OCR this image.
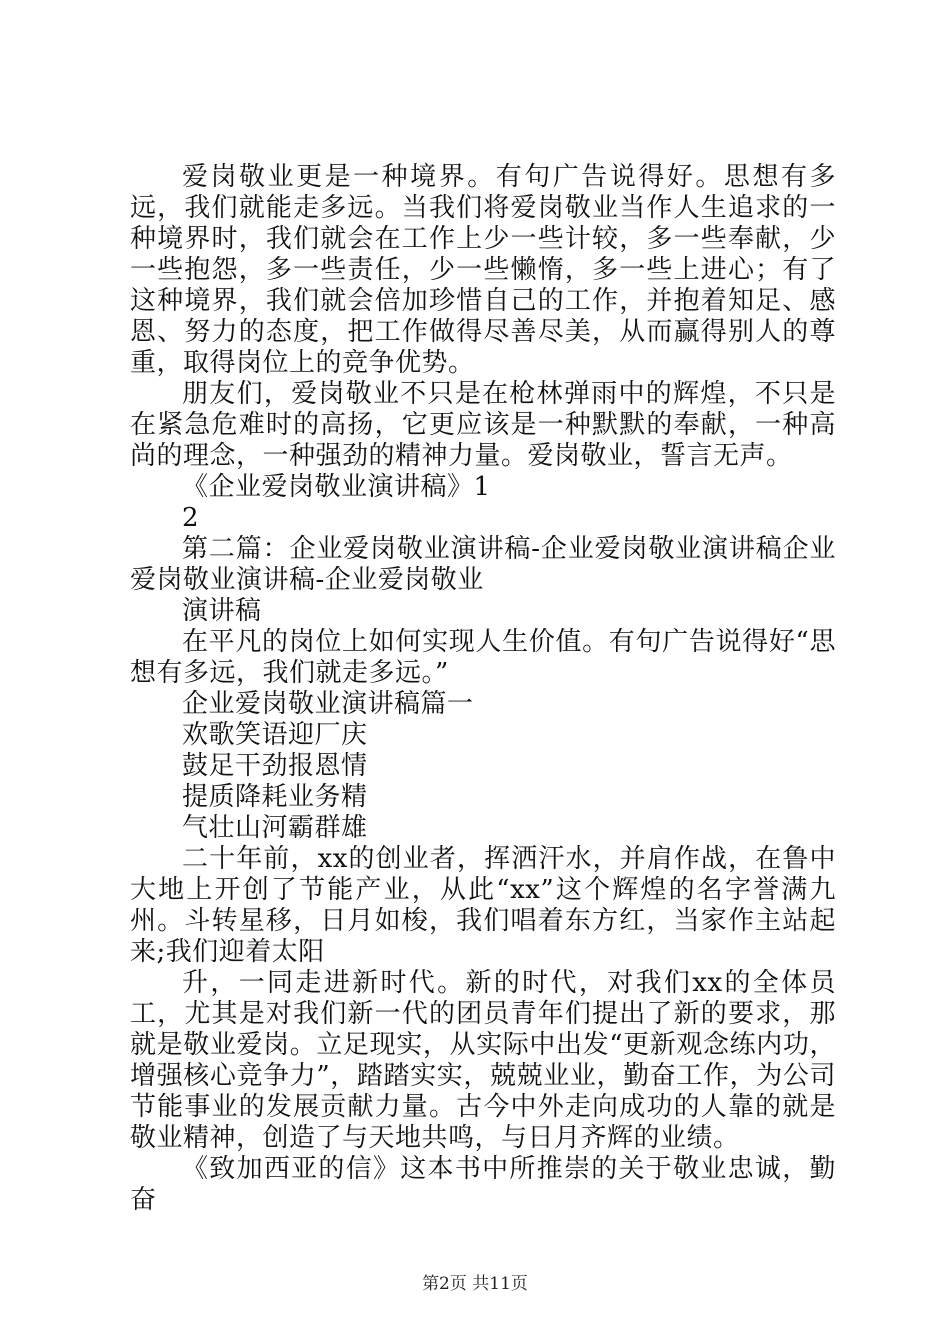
爱岗敬业更是一种境界。有句广告说得好。思想有多远，我们就能走多远。当我们将爱岗敬业当作人生追求的一种境界时，我们就会在工作上少一些计较，多一些奉献，少一些抱怨，多一些责任，少一些懒惰，多一些上进心；有了这种境界，我们就会倍加珍惜自己的工作，并抱着知足、感恩、努力的态度，把工作做得尽善尽美，从而赢得别人的尊重，取得岗位上的竞争优势。

朋友们，爱岗敬业不只是在枪林弹雨中的辉煌，不只是在紧急危难时的高扬，它更应该是一种默默的奉献，一种高尚的理念，一种强劲的精神力量。爱岗敬业，誓言无声。

《企业爱岗敬业演讲稿》1

2

第二篇：企业爱岗敬业演讲稿-企业爱岗敬业演讲稿企业爱岗敬业演讲稿-企业爱岗敬业

演讲稿

在平凡的岗位上如何实现人生价值。有句广告说得好“思想有多远，我们就走多远。”

企业爱岗敬业演讲稿篇一

欢歌笑语迎厂庆

鼓足干劲报恩情

提质降耗业务精

气壮山河霸群雄

二十年前，xx的创业者，挥洒汗水，并肩作战，在鲁中大地上开创了节能产业，从此“xx”这个辉煌的名字誉满九州。斗转星移，日月如梭，我们唱着东方红，当家作主站起来;我们迎着太阳

升，一同走进新时代。新的时代，对我们xx的全体员工，尤其是对我们新一代的团员青年们提出了新的要求，那就是敬业爱岗。立足现实，从实际中出发“更新观念练内功，增强核心竞争力”，踏踏实实，兢兢业业，勤奋工作，为公司节能事业的发展贡献力量。古今中外走向成功的人靠的就是敬业精神，创造了与天地共鸣，与日月齐辉的业绩。

《致加西亚的信》这本书中所推崇的关于敬业忠诚，勤奋

第2页 共11页
